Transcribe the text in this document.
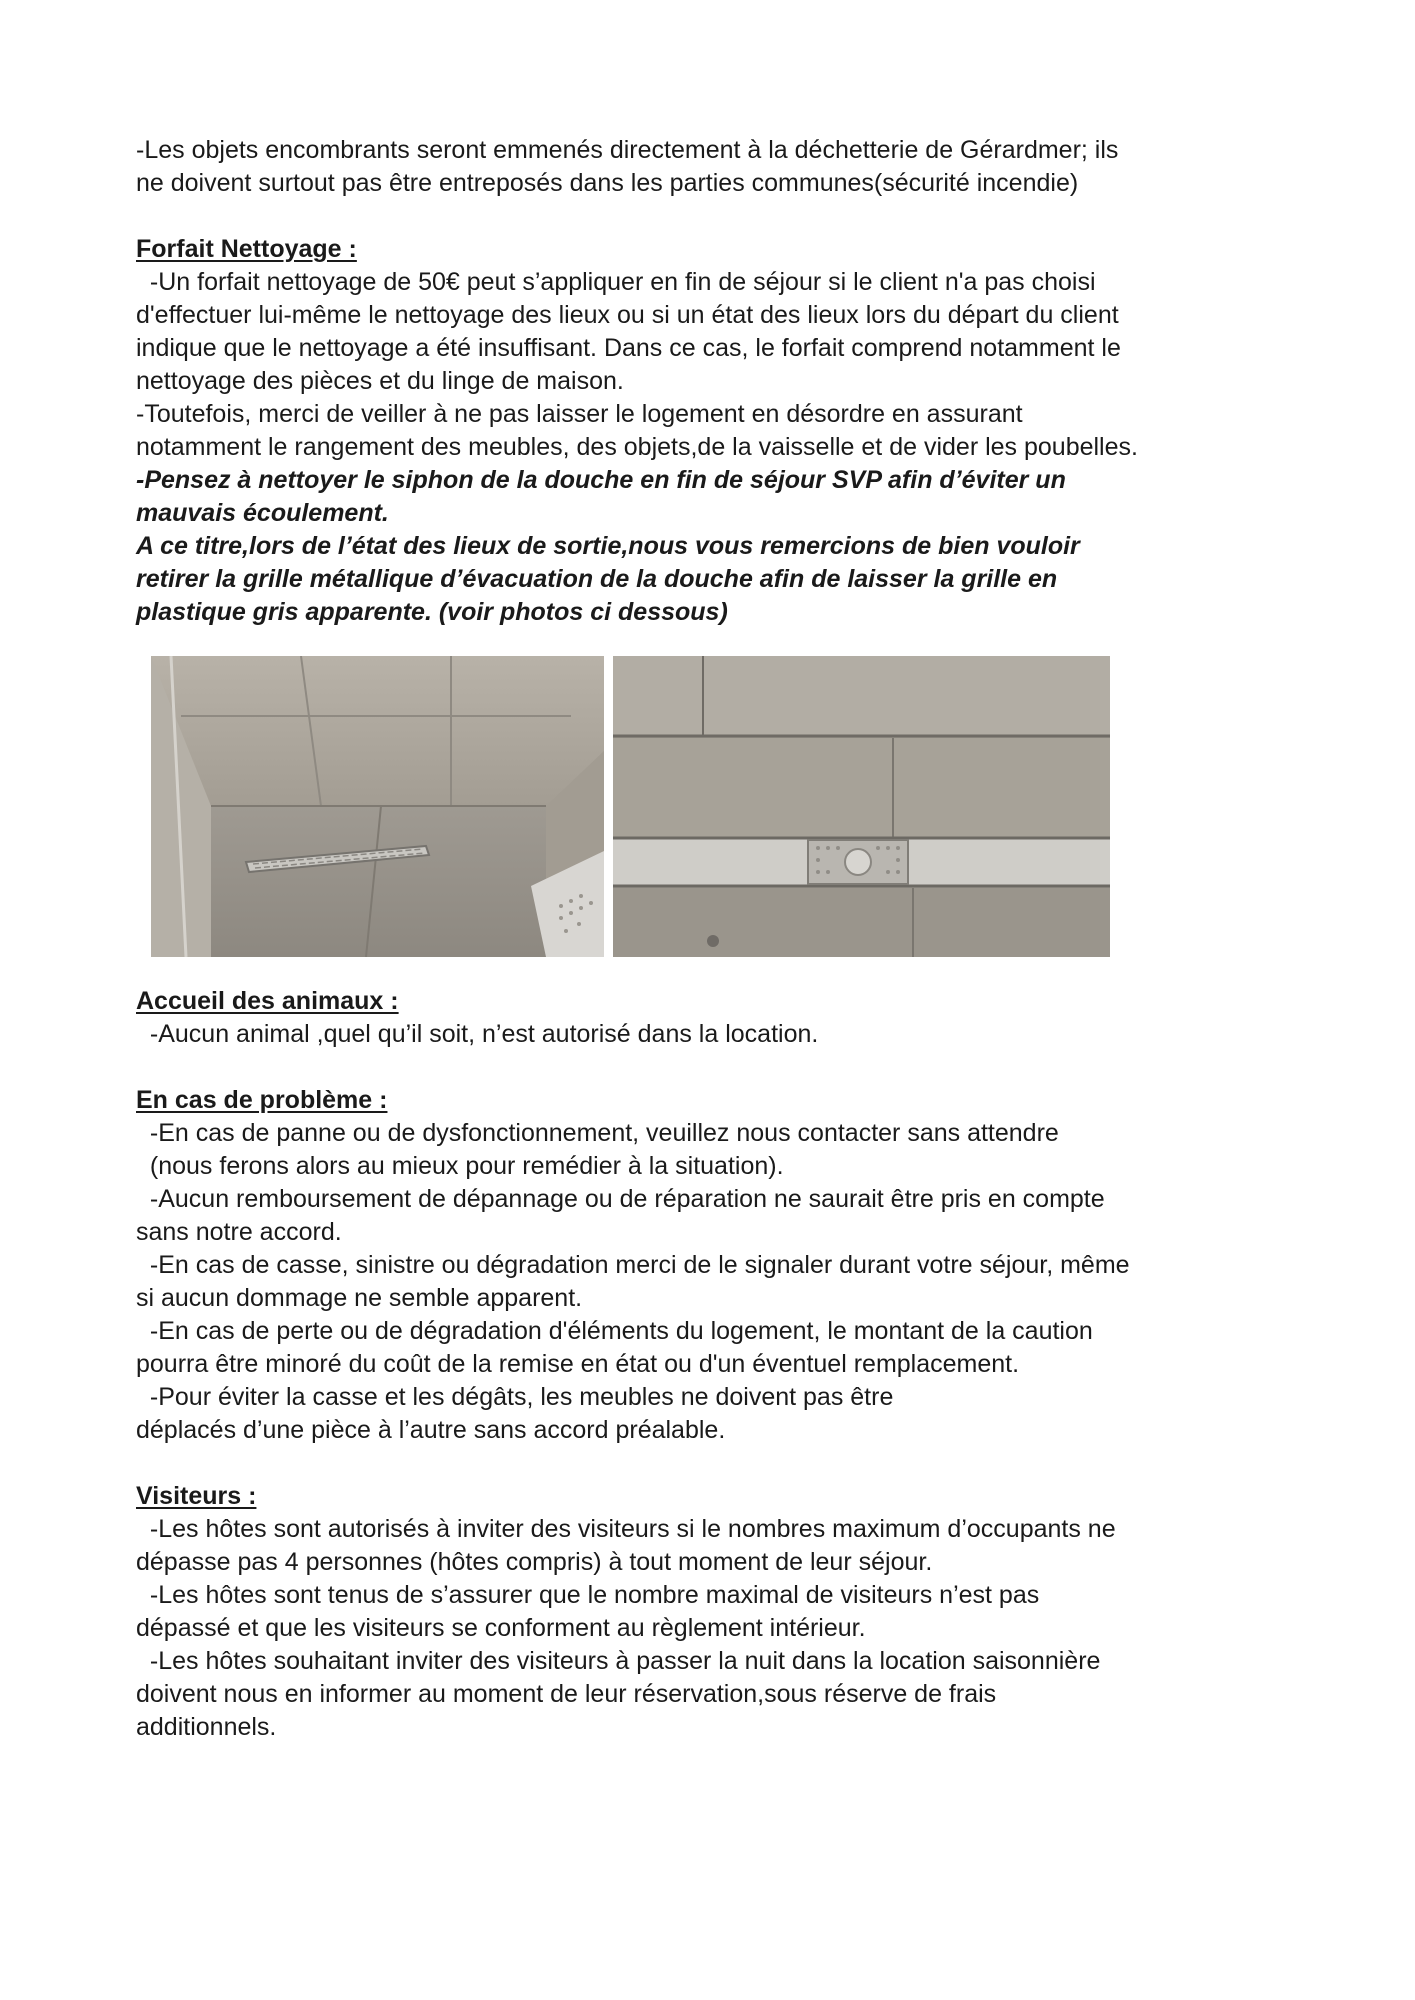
-Les objets encombrants seront emmenés directement à la déchetterie de Gérardmer; ils

ne doivent surtout pas être entreposés dans les parties communes(sécurité incendie)

Forfait Nettoyage :

-Un forfait nettoyage de 50€ peut s’appliquer en fin de séjour si le client n'a pas choisi

d'effectuer lui-même le nettoyage des lieux ou si un état des lieux lors du départ du client

indique que le nettoyage a été insuffisant. Dans ce cas, le forfait comprend notamment le

nettoyage des pièces et du linge de maison.

-Toutefois, merci de veiller à ne pas laisser le logement en désordre en assurant

notamment le rangement des meubles, des objets,de la vaisselle et de vider les poubelles.

-Pensez à nettoyer le siphon de la douche en fin de séjour SVP afin d’éviter un

mauvais écoulement.

A ce titre,lors de l’état des lieux de sortie,nous vous remercions de bien vouloir

retirer la grille métallique d’évacuation de la douche afin de laisser la grille en

plastique gris apparente. (voir photos ci dessous)

Accueil des animaux :

-Aucun animal ,quel qu’il soit, n’est autorisé dans la location.

En cas de problème :

-En cas de panne ou de dysfonctionnement, veuillez nous contacter sans attendre

(nous ferons alors au mieux pour remédier à la situation).

-Aucun remboursement de dépannage ou de réparation ne saurait être pris en compte

sans notre accord.

-En cas de casse, sinistre ou dégradation merci de le signaler durant votre séjour, même

si aucun dommage ne semble apparent.

-En cas de perte ou de dégradation d'éléments du logement, le montant de la caution

pourra être minoré du coût de la remise en état ou d'un éventuel remplacement.

-Pour éviter la casse et les dégâts, les meubles ne doivent pas être

déplacés d’une pièce à l’autre sans accord préalable.

Visiteurs :

-Les hôtes sont autorisés à inviter des visiteurs si le nombres maximum d’occupants ne

dépasse pas 4 personnes (hôtes compris) à tout moment de leur séjour.

-Les hôtes sont tenus de s’assurer que le nombre maximal de visiteurs n’est pas

dépassé et que les visiteurs se conforment au règlement intérieur.

-Les hôtes souhaitant inviter des visiteurs à passer la nuit dans la location saisonnière

doivent nous en informer au moment de leur réservation,sous réserve de frais

additionnels.
